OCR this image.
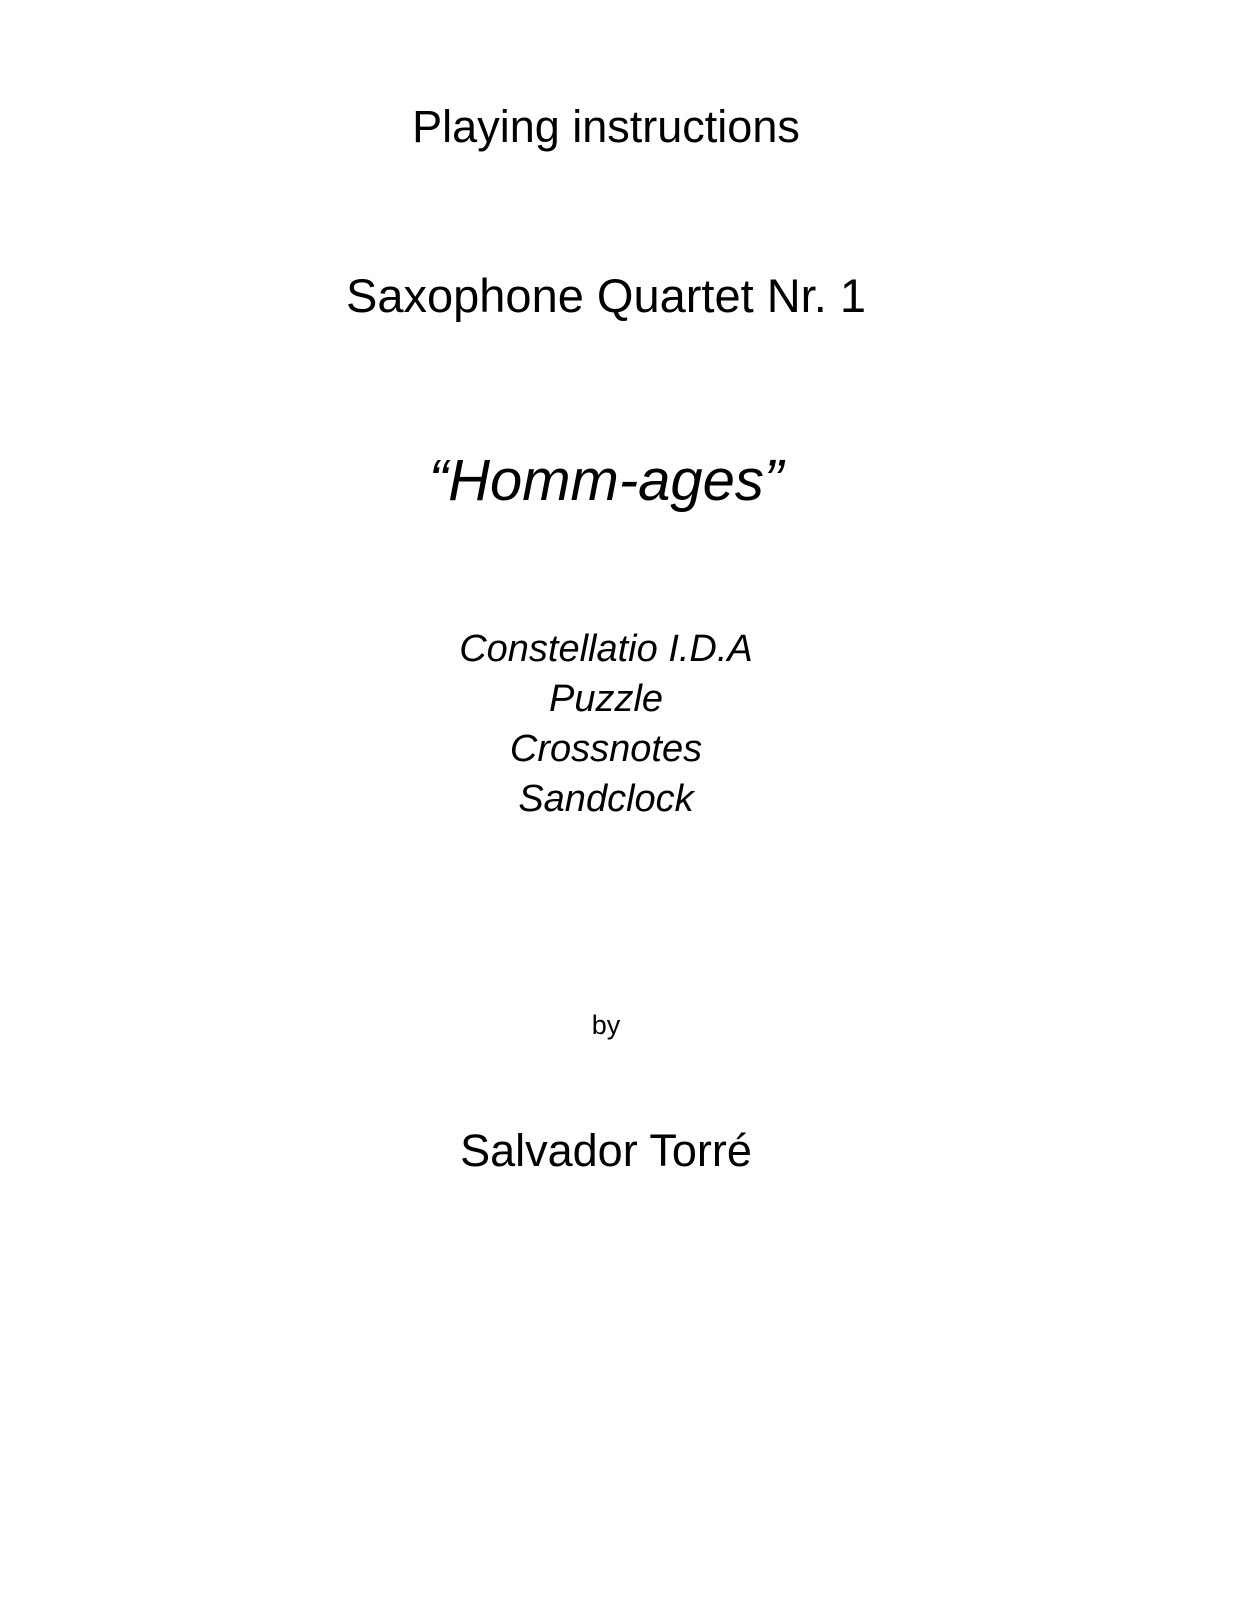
Playing instructions
Saxophone Quartet Nr. 1
“Homm-ages”
Constellatio I.D.A
Puzzle
Crossnotes
Sandclock

by

Salvador Torré
